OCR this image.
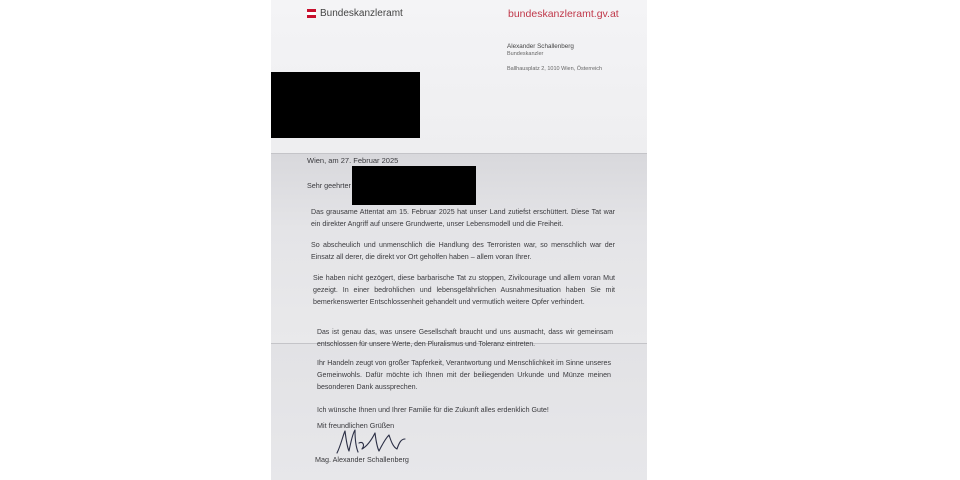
Bundeskanzleramt	bundeskanzleramt.gv.at
Alexander Schallenberg
Bundeskanzler
Ballhausplatz 2, 1010 Wien, Österreich
Wien, am 27. Februar 2025
Sehr geehrter
Das grausame Attentat am 15. Februar 2025 hat unser Land zutiefst erschüttert. Diese Tat war ein direkter Angriff auf unsere Grundwerte, unser Lebensmodell und die Freiheit.
So abscheulich und unmenschlich die Handlung des Terroristen war, so menschlich war der Einsatz all derer, die direkt vor Ort geholfen haben – allem voran Ihrer.
Sie haben nicht gezögert, diese barbarische Tat zu stoppen, Zivilcourage und allem voran Mut gezeigt. In einer bedrohlichen und lebensgefährlichen Ausnahmesituation haben Sie mit bemerkenswerter Entschlossenheit gehandelt und vermutlich weitere Opfer verhindert.
Das ist genau das, was unsere Gesellschaft braucht und uns ausmacht, dass wir gemeinsam entschlossen für unsere Werte, den Pluralismus und Toleranz eintreten.
Ihr Handeln zeugt von großer Tapferkeit, Verantwortung und Menschlichkeit im Sinne unseres Gemeinwohls. Dafür möchte ich Ihnen mit der beiliegenden Urkunde und Münze meinen besonderen Dank aussprechen.
Ich wünsche Ihnen und Ihrer Familie für die Zukunft alles erdenklich Gute!
Mit freundlichen Grüßen
Mag. Alexander Schallenberg
